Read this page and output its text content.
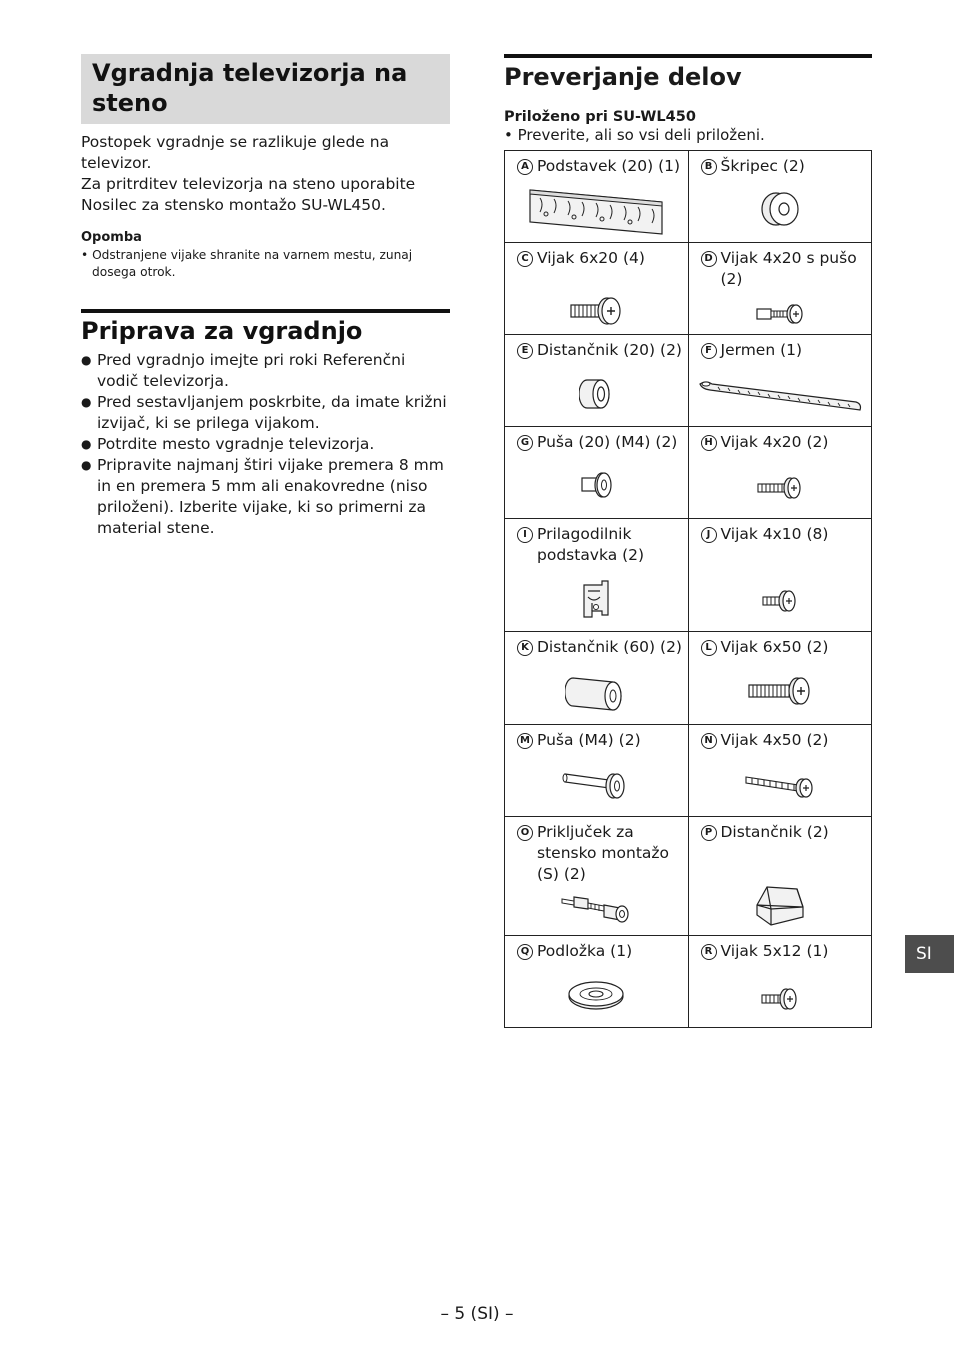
Vgradnja televizorja na steno
Postopek vgradnje se razlikuje glede na televizor.
Za pritrditev televizorja na steno uporabite Nosilec za stensko montažo SU-WL450.
Opomba
• Odstranjene vijake shranite na varnem mestu, zunaj dosega otrok.
Priprava za vgradnjo
● Pred vgradnjo imejte pri roki Referenčni vodič televizorja.
● Pred sestavljanjem poskrbite, da imate križni izvijač, ki se prilega vijakom.
● Potrdite mesto vgradnje televizorja.
● Pripravite najmanj štiri vijake premera 8 mm in en premera 5 mm ali enakovredne (niso priloženi). Izberite vijake, ki so primerni za material stene.
Preverjanje delov
Priloženo pri SU-WL450
• Preverite, ali so vsi deli priloženi.
A Podstavek (20) (1)	B Škripec (2)

C Vijak 6x20 (4)	D Vijak 4x20 s pušo (2)

E Distančnik (20) (2)	F Jermen (1)

G Puša (20) (M4) (2)	H Vijak 4x20 (2)

I Prilagodilnik podstavka (2)	J Vijak 4x10 (8)

K Distančnik (60) (2)	L Vijak 6x50 (2)

M Puša (M4) (2)	N Vijak 4x50 (2)

O Priključek za stensko montažo (S) (2)	P Distančnik (2)

Q Podložka (1)	R Vijak 5x12 (1)	SI
– 5 (SI) –
